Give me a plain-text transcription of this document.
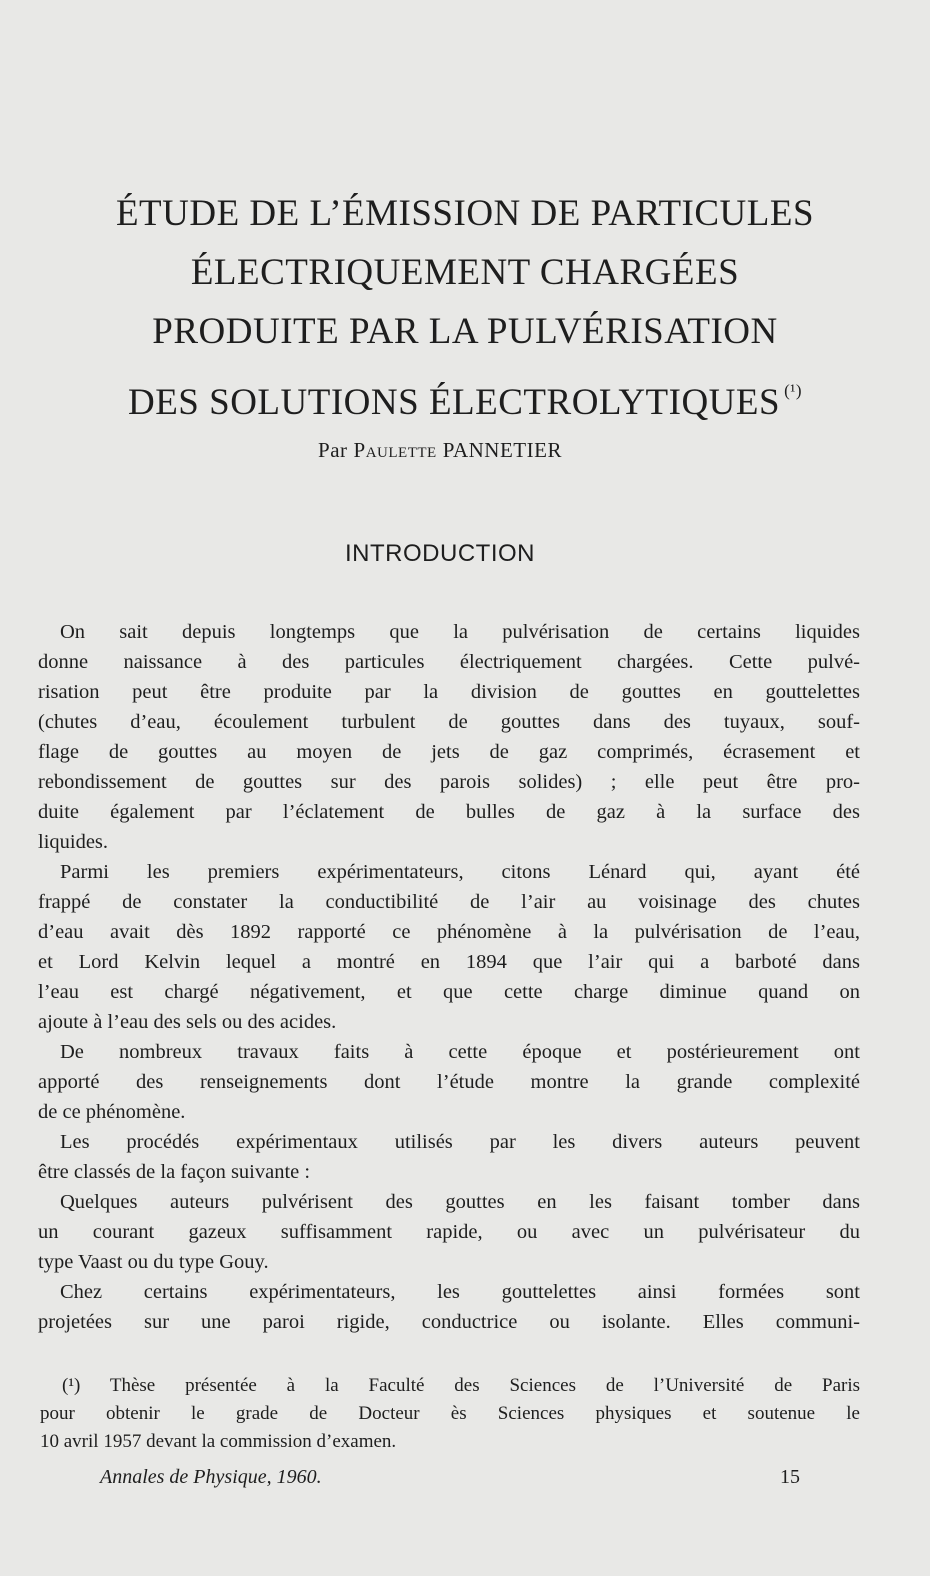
ÉTUDE DE L’ÉMISSION DE PARTICULES
ÉLECTRIQUEMENT CHARGÉES
PRODUITE PAR LA PULVÉRISATION
DES SOLUTIONS ÉLECTROLYTIQUES $^{(^1)}$
Par Paulette PANNETIER
INTRODUCTION
On sait depuis longtemps que la pulvérisation de certains liquides
donne naissance à des particules électriquement chargées. Cette pulvé-
risation peut être produite par la division de gouttes en gouttelettes
(chutes d’eau, écoulement turbulent de gouttes dans des tuyaux, souf-
flage de gouttes au moyen de jets de gaz comprimés, écrasement et
rebondissement de gouttes sur des parois solides) ; elle peut être pro-
duite également par l’éclatement de bulles de gaz à la surface des
liquides.
Parmi les premiers expérimentateurs, citons Lénard qui, ayant été
frappé de constater la conductibilité de l’air au voisinage des chutes
d’eau avait dès 1892 rapporté ce phénomène à la pulvérisation de l’eau,
et Lord Kelvin lequel a montré en 1894 que l’air qui a barboté dans
l’eau est chargé négativement, et que cette charge diminue quand on
ajoute à l’eau des sels ou des acides.
De nombreux travaux faits à cette époque et postérieurement ont
apporté des renseignements dont l’étude montre la grande complexité
de ce phénomène.
Les procédés expérimentaux utilisés par les divers auteurs peuvent
être classés de la façon suivante :
Quelques auteurs pulvérisent des gouttes en les faisant tomber dans
un courant gazeux suffisamment rapide, ou avec un pulvérisateur du
type Vaast ou du type Gouy.
Chez certains expérimentateurs, les gouttelettes ainsi formées sont
projetées sur une paroi rigide, conductrice ou isolante. Elles communi-
(¹) Thèse présentée à la Faculté des Sciences de l’Université de Paris
pour obtenir le grade de Docteur ès Sciences physiques et soutenue le
10 avril 1957 devant la commission d’examen.
Annales de Physique, 1960.	15
